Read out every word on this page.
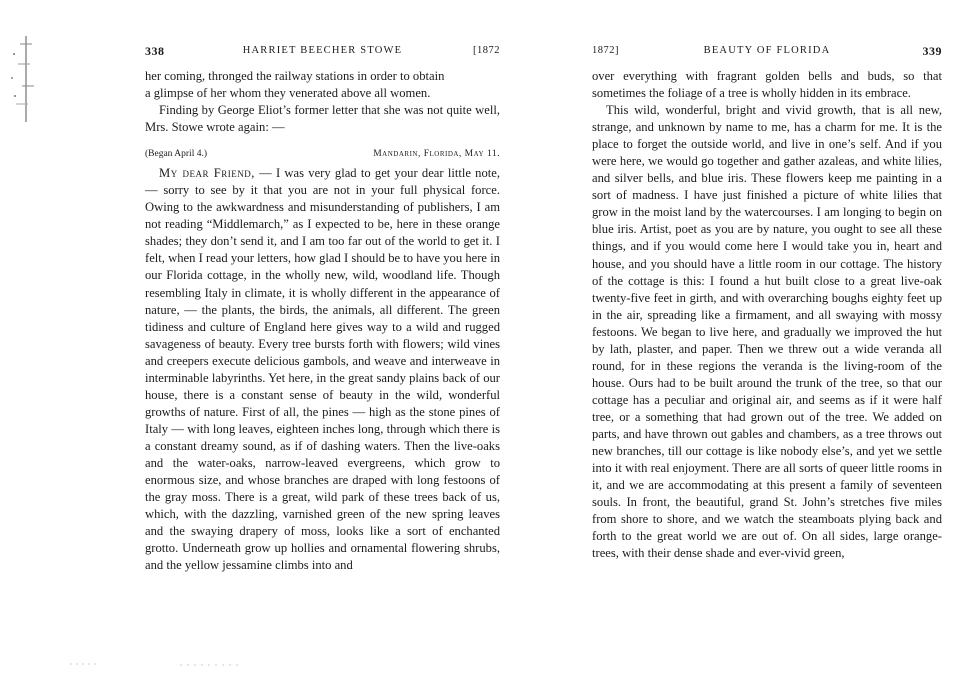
338	HARRIET BEECHER STOWE	[1872

her coming, thronged the railway stations in order to obtain

a glimpse of her whom they venerated above all women.

Finding by George Eliot’s former letter that she was not quite well, Mrs. Stowe wrote again: —

(Began April 4.)	Mandarin, Florida, May 11.

My dear Friend, — I was very glad to get your dear little note, — sorry to see by it that you are not in your full physical force. Owing to the awkwardness and misunderstanding of publishers, I am not reading “Middlemarch,” as I expected to be, here in these orange shades; they don’t send it, and I am too far out of the world to get it. I felt, when I read your letters, how glad I should be to have you here in our Florida cottage, in the wholly new, wild, woodland life. Though resembling Italy in climate, it is wholly different in the appearance of nature, — the plants, the birds, the animals, all different. The green tidiness and culture of England here gives way to a wild and rugged savageness of beauty. Every tree bursts forth with flowers; wild vines and creepers execute delicious gambols, and weave and interweave in interminable labyrinths. Yet here, in the great sandy plains back of our house, there is a constant sense of beauty in the wild, wonderful growths of nature. First of all, the pines — high as the stone pines of Italy — with long leaves, eighteen inches long, through which there is a constant dreamy sound, as if of dashing waters. Then the live-oaks and the water-oaks, narrow-leaved evergreens, which grow to enormous size, and whose branches are draped with long festoons of the gray moss. There is a great, wild park of these trees back of us, which, with the dazzling, varnished green of the new spring leaves and the swaying drapery of moss, looks like a sort of enchanted grotto. Underneath grow up hollies and ornamental flowering shrubs, and the yellow jessamine climbs into and

1872]	BEAUTY OF FLORIDA	339

over everything with fragrant golden bells and buds, so that sometimes the foliage of a tree is wholly hidden in its embrace.

This wild, wonderful, bright and vivid growth, that is all new, strange, and unknown by name to me, has a charm for me. It is the place to forget the outside world, and live in one’s self. And if you were here, we would go together and gather azaleas, and white lilies, and silver bells, and blue iris. These flowers keep me painting in a sort of madness. I have just finished a picture of white lilies that grow in the moist land by the watercourses. I am longing to begin on blue iris. Artist, poet as you are by nature, you ought to see all these things, and if you would come here I would take you in, heart and house, and you should have a little room in our cottage. The history of the cottage is this: I found a hut built close to a great live-oak twenty-five feet in girth, and with overarching boughs eighty feet up in the air, spreading like a firmament, and all swaying with mossy festoons. We began to live here, and gradually we improved the hut by lath, plaster, and paper. Then we threw out a wide veranda all round, for in these regions the veranda is the living-room of the house. Ours had to be built around the trunk of the tree, so that our cottage has a peculiar and original air, and seems as if it were half tree, or a something that had grown out of the tree. We added on parts, and have thrown out gables and chambers, as a tree throws out new branches, till our cottage is like nobody else’s, and yet we settle into it with real enjoyment. There are all sorts of queer little rooms in it, and we are accommodating at this present a family of seventeen souls. In front, the beautiful, grand St. John’s stretches five miles from shore to shore, and we watch the steamboats plying back and forth to the great world we are out of. On all sides, large orange-trees, with their dense shade and ever-vivid green,
